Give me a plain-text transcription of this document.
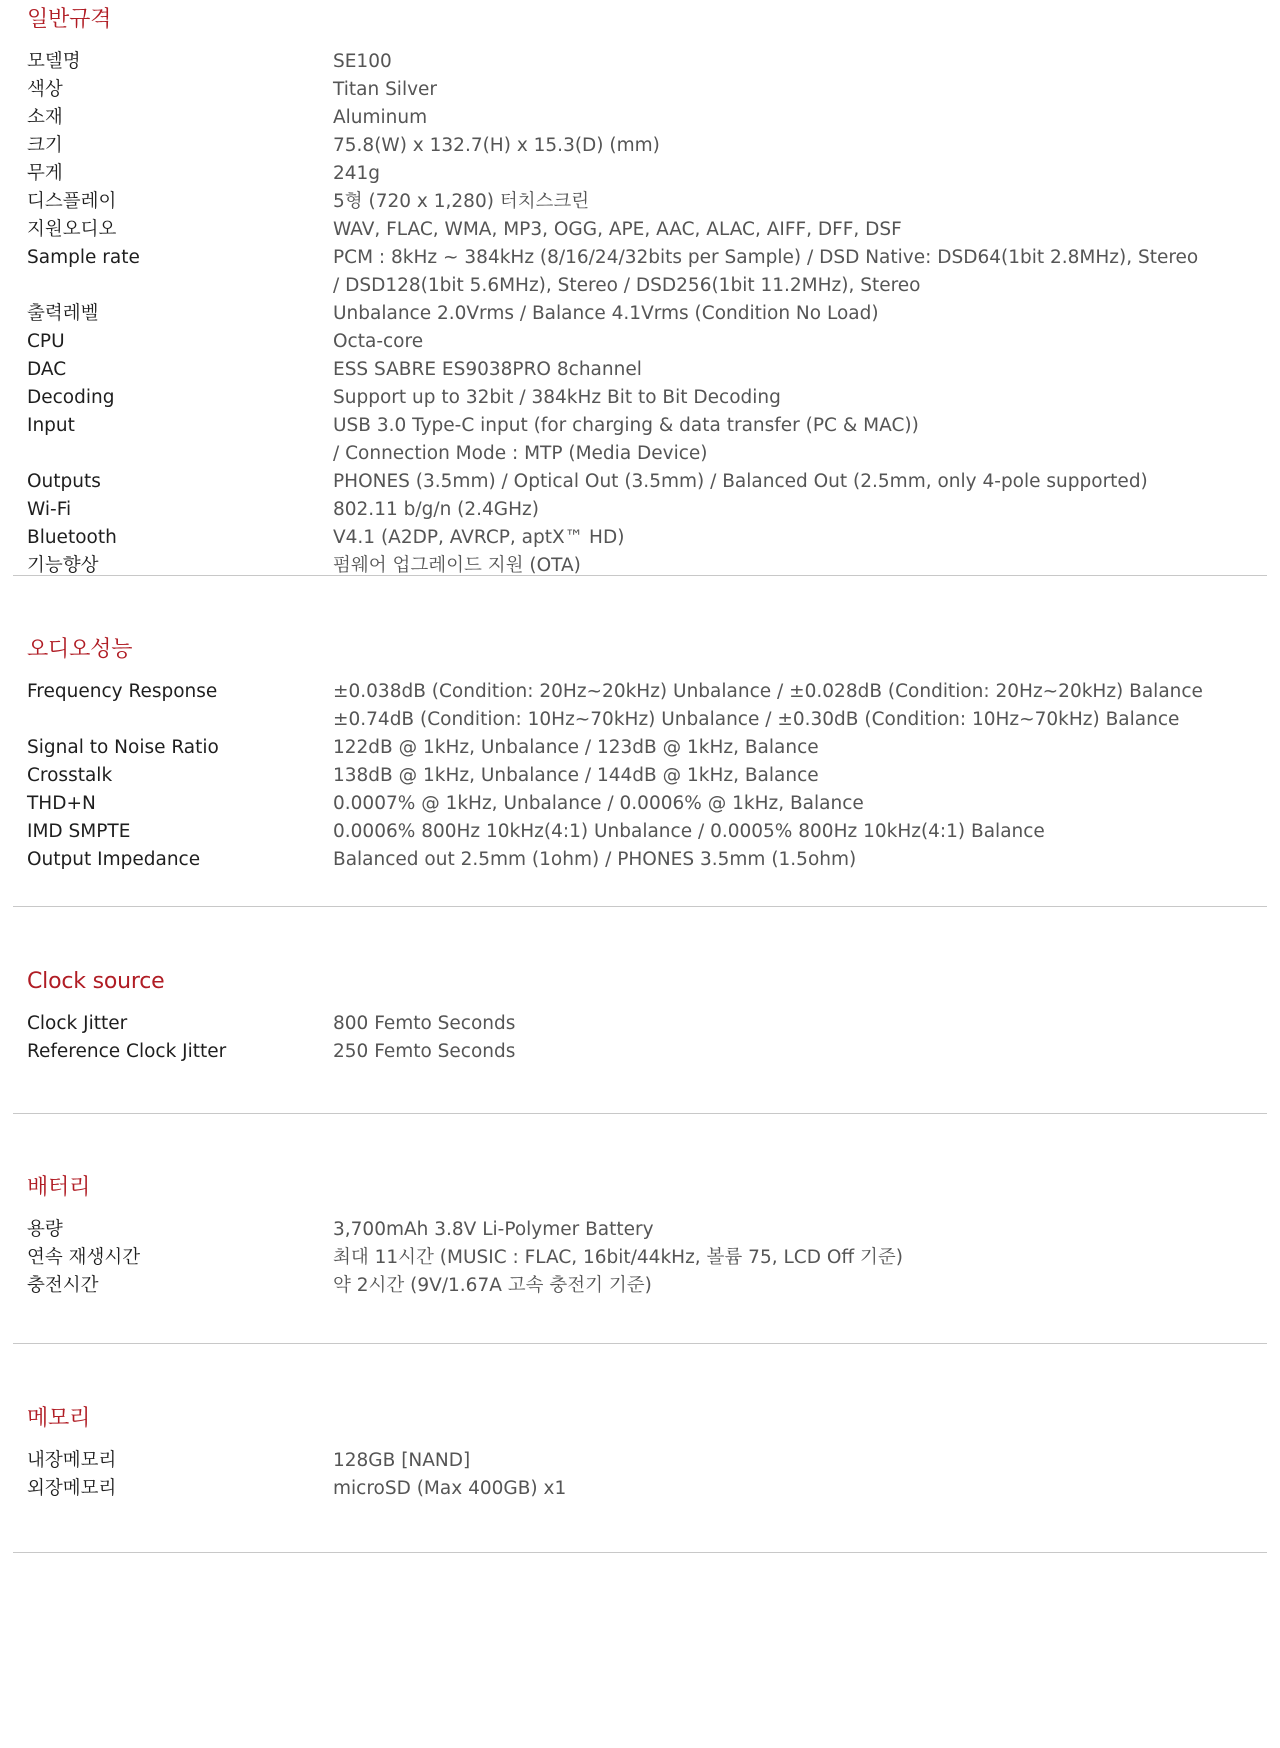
일반규격
모델명	SE100
색상	Titan Silver
소재	Aluminum
크기	75.8(W) x 132.7(H) x 15.3(D) (mm)
무게	241g
디스플레이	5형 (720 x 1,280) 터치스크린
지원오디오	WAV, FLAC, WMA, MP3, OGG, APE, AAC, ALAC, AIFF, DFF, DSF
Sample rate	PCM : 8kHz ~ 384kHz (8/16/24/32bits per Sample) / DSD Native: DSD64(1bit 2.8MHz), Stereo
/ DSD128(1bit 5.6MHz), Stereo / DSD256(1bit 11.2MHz), Stereo
출력레벨	Unbalance 2.0Vrms / Balance 4.1Vrms (Condition No Load)
CPU	Octa-core
DAC	ESS SABRE ES9038PRO 8channel
Decoding	Support up to 32bit / 384kHz Bit to Bit Decoding
Input	USB 3.0 Type-C input (for charging & data transfer (PC & MAC))
/ Connection Mode : MTP (Media Device)
Outputs	PHONES (3.5mm) / Optical Out (3.5mm) / Balanced Out (2.5mm, only 4-pole supported)
Wi-Fi	802.11 b/g/n (2.4GHz)
Bluetooth	V4.1 (A2DP, AVRCP, aptX™ HD)
기능향상	펌웨어 업그레이드 지원 (OTA)
오디오성능
Frequency Response	±0.038dB (Condition: 20Hz~20kHz) Unbalance / ±0.028dB (Condition: 20Hz~20kHz) Balance
±0.74dB (Condition: 10Hz~70kHz) Unbalance / ±0.30dB (Condition: 10Hz~70kHz) Balance
Signal to Noise Ratio	122dB @ 1kHz, Unbalance / 123dB @ 1kHz, Balance
Crosstalk	138dB @ 1kHz, Unbalance / 144dB @ 1kHz, Balance
THD+N	0.0007% @ 1kHz, Unbalance / 0.0006% @ 1kHz, Balance
IMD SMPTE	0.0006% 800Hz 10kHz(4:1) Unbalance / 0.0005% 800Hz 10kHz(4:1) Balance
Output Impedance	Balanced out 2.5mm (1ohm) / PHONES 3.5mm (1.5ohm)
Clock source
Clock Jitter	800 Femto Seconds
Reference Clock Jitter	250 Femto Seconds
배터리
용량	3,700mAh 3.8V Li-Polymer Battery
연속 재생시간	최대 11시간 (MUSIC : FLAC, 16bit/44kHz, 볼륨 75, LCD Off 기준)
충전시간	약 2시간 (9V/1.67A 고속 충전기 기준)
메모리
내장메모리	128GB [NAND]
외장메모리	microSD (Max 400GB) x1
